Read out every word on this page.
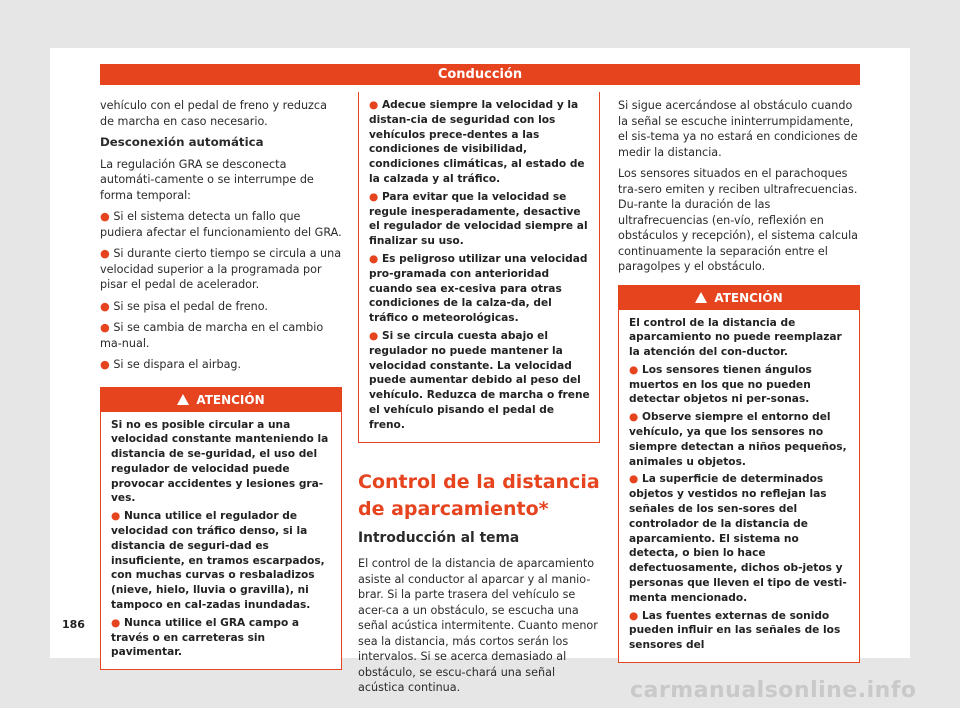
Conducción

vehículo con el pedal de freno y reduzca de marcha en caso necesario.

Desconexión automática

La regulación GRA se desconecta automáti-camente o se interrumpe de forma temporal:

● Si el sistema detecta un fallo que pudiera afectar el funcionamiento del GRA.

● Si durante cierto tiempo se circula a una velocidad superior a la programada por pisar el pedal de acelerador.

● Si se pisa el pedal de freno.

● Si se cambia de marcha en el cambio ma-nual.

● Si se dispara el airbag.

ATENCIÓN

Si no es posible circular a una velocidad constante manteniendo la distancia de se-guridad, el uso del regulador de velocidad puede provocar accidentes y lesiones gra-ves.

● Nunca utilice el regulador de velocidad con tráfico denso, si la distancia de seguri-dad es insuficiente, en tramos escarpados, con muchas curvas o resbaladizos (nieve, hielo, lluvia o gravilla), ni tampoco en cal-zadas inundadas.

● Nunca utilice el GRA campo a través o en carreteras sin pavimentar.

● Adecue siempre la velocidad y la distan-cia de seguridad con los vehículos prece-dentes a las condiciones de visibilidad, condiciones climáticas, al estado de la calzada y al tráfico.

● Para evitar que la velocidad se regule inesperadamente, desactive el regulador de velocidad siempre al finalizar su uso.

● Es peligroso utilizar una velocidad pro-gramada con anterioridad cuando sea ex-cesiva para otras condiciones de la calza-da, del tráfico o meteorológicas.

● Si se circula cuesta abajo el regulador no puede mantener la velocidad constante. La velocidad puede aumentar debido al peso del vehículo. Reduzca de marcha o frene el vehículo pisando el pedal de freno.

Control de la distancia de aparcamiento*
Introducción al tema

El control de la distancia de aparcamiento asiste al conductor al aparcar y al manio-brar. Si la parte trasera del vehículo se acer-ca a un obstáculo, se escucha una señal acústica intermitente. Cuanto menor sea la distancia, más cortos serán los intervalos. Si se acerca demasiado al obstáculo, se escu-chará una señal acústica continua.

Si sigue acercándose al obstáculo cuando la señal se escuche ininterrumpidamente, el sis-tema ya no estará en condiciones de medir la distancia.

Los sensores situados en el parachoques tra-sero emiten y reciben ultrafrecuencias. Du-rante la duración de las ultrafrecuencias (en-vío, reflexión en obstáculos y recepción), el sistema calcula continuamente la separación entre el paragolpes y el obstáculo.

ATENCIÓN

El control de la distancia de aparcamiento no puede reemplazar la atención del con-ductor.

● Los sensores tienen ángulos muertos en los que no pueden detectar objetos ni per-sonas.

● Observe siempre el entorno del vehículo, ya que los sensores no siempre detectan a niños pequeños, animales u objetos.

● La superficie de determinados objetos y vestidos no reflejan las señales de los sen-sores del controlador de la distancia de aparcamiento. El sistema no detecta, o bien lo hace defectuosamente, dichos ob-jetos y personas que lleven el tipo de vesti-menta mencionado.

● Las fuentes externas de sonido pueden influir en las señales de los sensores del

186
carmanualsonline.info
